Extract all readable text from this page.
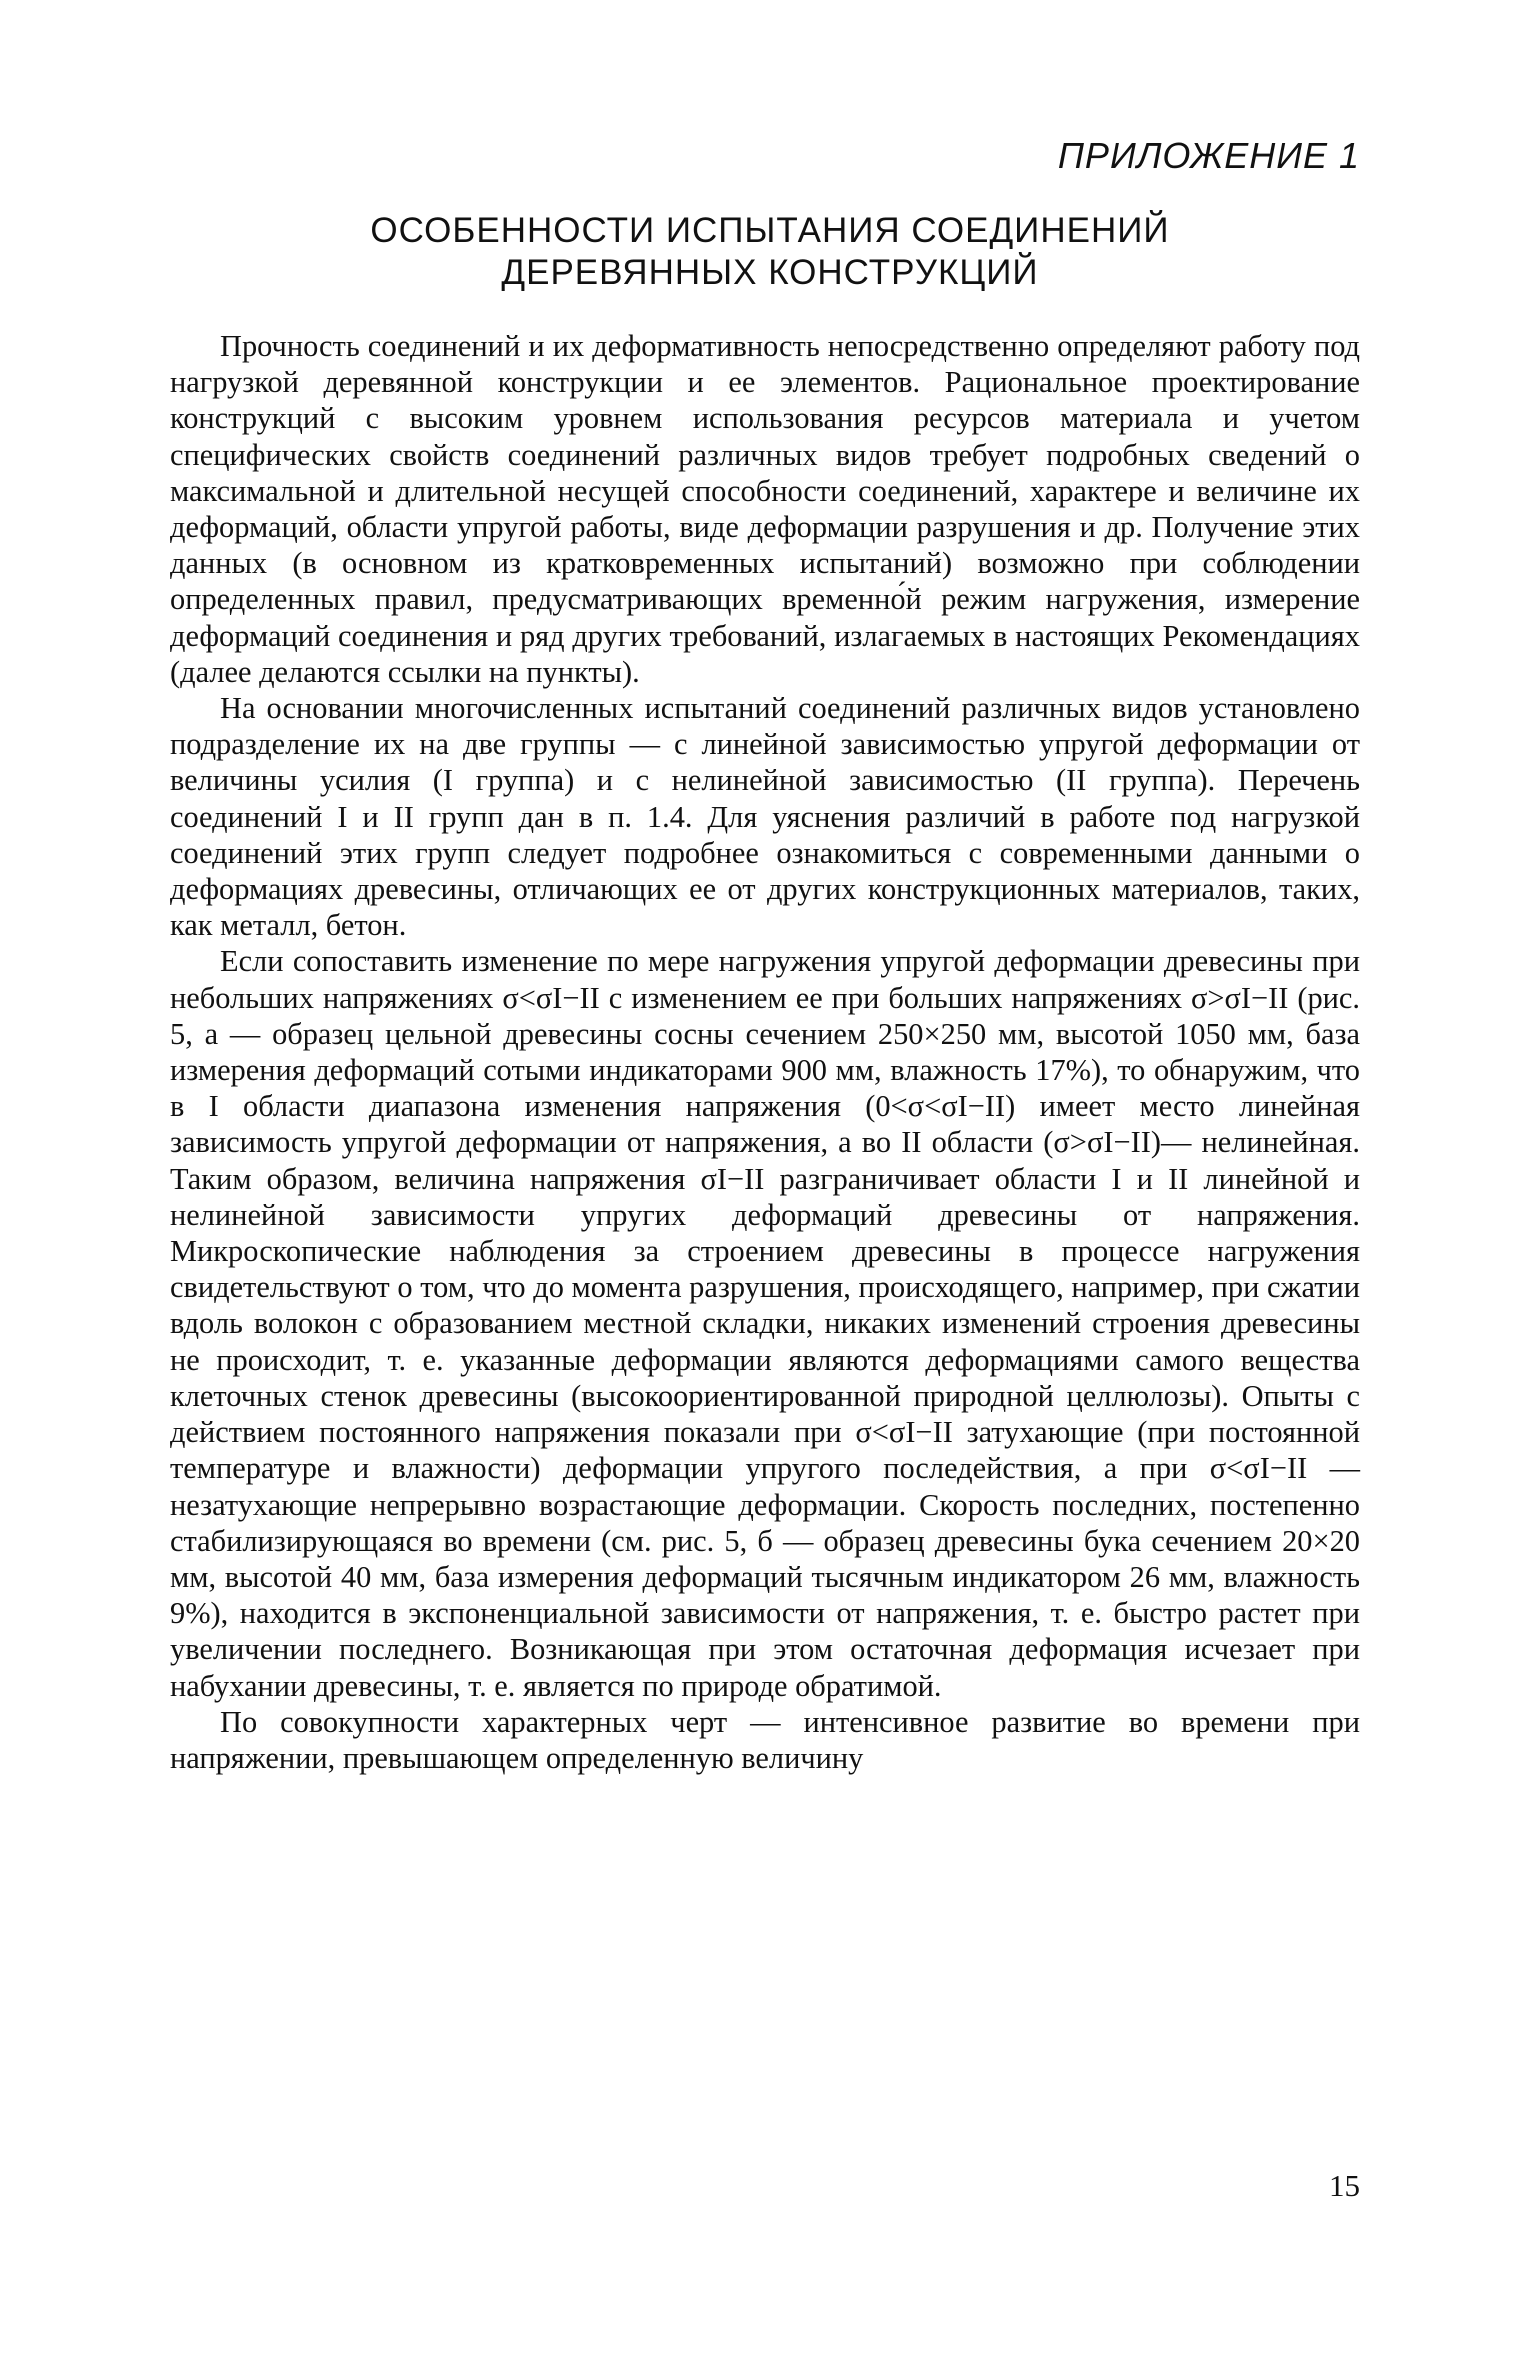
ПРИЛОЖЕНИЕ 1
ОСОБЕННОСТИ ИСПЫТАНИЯ СОЕДИНЕНИЙ
ДЕРЕВЯННЫХ КОНСТРУКЦИЙ

Прочность соединений и их деформативность непосредственно определяют работу под нагрузкой деревянной конструкции и ее элементов. Рациональное проектирование конструкций с высоким уровнем использования ресурсов материала и учетом специфических свойств соединений различных видов требует подробных сведений о максимальной и длительной несущей способности соединений, характере и величине их деформаций, области упругой работы, виде деформации разрушения и др. Получение этих данных (в основном из кратковременных испытаний) возможно при соблюдении определенных правил, предусматривающих временно́й режим нагружения, измерение деформаций соединения и ряд других требований, излагаемых в настоящих Рекомендациях (далее делаются ссылки на пункты).

На основании многочисленных испытаний соединений различных видов установлено подразделение их на две группы — с линейной зависимостью упругой деформации от величины усилия (I группа) и с нелинейной зависимостью (II группа). Перечень соединений I и II групп дан в п. 1.4. Для уяснения различий в работе под нагрузкой соединений этих групп следует подробнее ознакомиться с современными данными о деформациях древесины, отличающих ее от других конструкционных материалов, таких, как металл, бетон.

Если сопоставить изменение по мере нагружения упругой деформации древесины при небольших напряжениях σ<σI−II с изменением ее при больших напряжениях σ>σI−II (рис. 5, а — образец цельной древесины сосны сечением 250×250 мм, высотой 1050 мм, база измерения деформаций сотыми индикаторами 900 мм, влажность 17%), то обнаружим, что в I области диапазона изменения напряжения (0<σ<σI−II) имеет место линейная зависимость упругой деформации от напряжения, а во II области (σ>σI−II)— нелинейная. Таким образом, величина напряжения σI−II разграничивает области I и II линейной и нелинейной зависимости упругих деформаций древесины от напряжения. Микроскопические наблюдения за строением древесины в процессе нагружения свидетельствуют о том, что до момента разрушения, происходящего, например, при сжатии вдоль волокон с образованием местной складки, никаких изменений строения древесины не происходит, т. е. указанные деформации являются деформациями самого вещества клеточных стенок древесины (высокоориентированной природной целлюлозы). Опыты с действием постоянного напряжения показали при σ<σI−II затухающие (при постоянной температуре и влажности) деформации упругого последействия, а при σ<σI−II — незатухающие непрерывно возрастающие деформации. Скорость последних, постепенно стабилизирующаяся во времени (см. рис. 5, б — образец древесины бука сечением 20×20 мм, высотой 40 мм, база измерения деформаций тысячным индикатором 26 мм, влажность 9%), находится в экспоненциальной зависимости от напряжения, т. е. быстро растет при увеличении последнего. Возникающая при этом остаточная деформация исчезает при набухании древесины, т. е. является по природе обратимой.

По совокупности характерных черт — интенсивное развитие во времени при напряжении, превышающем определенную величину

15
